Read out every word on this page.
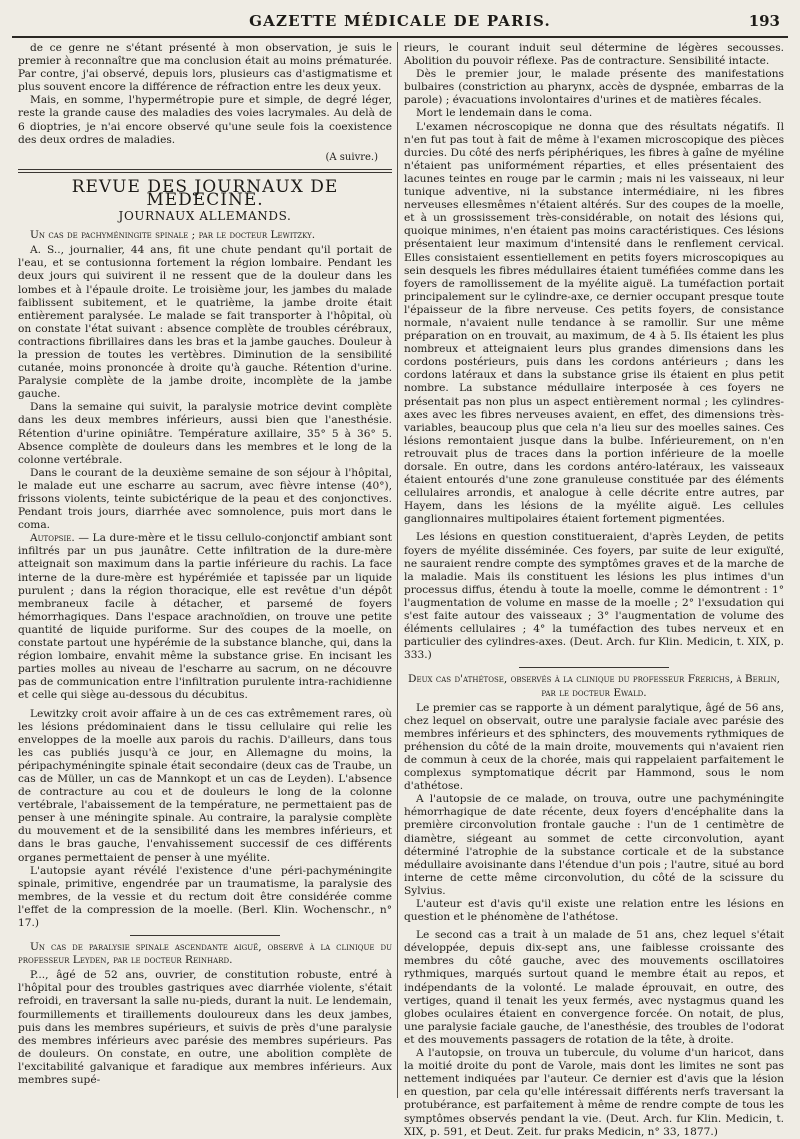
GAZETTE MÉDICALE DE PARIS.	193

de ce genre ne s'étant présenté à mon observation, je suis le premier à reconnaître que ma conclusion était au moins prématurée. Par contre, j'ai observé, depuis lors, plusieurs cas d'astigmatisme et plus souvent encore la différence de réfraction entre les deux yeux.

Mais, en somme, l'hypermétropie pure et simple, de degré léger, reste la grande cause des maladies des voies lacrymales. Au delà de 6 dioptries, je n'ai encore observé qu'une seule fois la coexistence des deux ordres de maladies.

(A suivre.)
REVUE DES JOURNAUX DE MÉDECINE.
JOURNAUX ALLEMANDS.
Un cas de pachyméningite spinale ; par le docteur Lewitzky.

A. S.., journalier, 44 ans, fit une chute pendant qu'il portait de l'eau, et se contusionna fortement la région lombaire. Pendant les deux jours qui suivirent il ne ressent que de la douleur dans les lombes et à l'épaule droite. Le troisième jour, les jambes du malade faiblissent subitement, et le quatrième, la jambe droite était entièrement paralysée. Le malade se fait transporter à l'hôpital, où on constate l'état suivant : absence complète de troubles cérébraux, contractions fibrillaires dans les bras et la jambe gauches. Douleur à la pression de toutes les vertèbres. Diminution de la sensibilité cutanée, moins prononcée à droite qu'à gauche. Rétention d'urine. Paralysie complète de la jambe droite, incomplète de la jambe gauche.

Dans la semaine qui suivit, la paralysie motrice devint complète dans les deux membres inférieurs, aussi bien que l'anesthésie. Rétention d'urine opiniâtre. Température axillaire, 35° 5 à 36° 5. Absence complète de douleurs dans les membres et le long de la colonne vertébrale.

Dans le courant de la deuxième semaine de son séjour à l'hôpital, le malade eut une escharre au sacrum, avec fièvre intense (40°), frissons violents, teinte subictérique de la peau et des conjonctives. Pendant trois jours, diarrhée avec somnolence, puis mort dans le coma.

Autopsie. — La dure-mère et le tissu cellulo-conjonctif ambiant sont infiltrés par un pus jaunâtre. Cette infiltration de la dure-mère atteignait son maximum dans la partie inférieure du rachis. La face interne de la dure-mère est hypérémiée et tapissée par un liquide purulent ; dans la région thoracique, elle est revêtue d'un dépôt membraneux facile à détacher, et parsemé de foyers hémorrhagiques. Dans l'espace arachnoïdien, on trouve une petite quantité de liquide puriforme. Sur des coupes de la moelle, on constate partout une hypérémie de la substance blanche, qui, dans la région lombaire, envahit même la substance grise. En incisant les parties molles au niveau de l'escharre au sacrum, on ne découvre pas de communication entre l'infiltration purulente intra-rachidienne et celle qui siège au-dessous du décubitus.

Lewitzky croit avoir affaire à un de ces cas extrêmement rares, où les lésions prédominaient dans le tissu cellulaire qui relie les enveloppes de la moelle aux parois du rachis. D'ailleurs, dans tous les cas publiés jusqu'à ce jour, en Allemagne du moins, la péripachyméningite spinale était secondaire (deux cas de Traube, un cas de Müller, un cas de Mannkopt et un cas de Leyden). L'absence de contracture au cou et de douleurs le long de la colonne vertébrale, l'abaissement de la température, ne permettaient pas de penser à une méningite spinale. Au contraire, la paralysie complète du mouvement et de la sensibilité dans les membres inférieurs, et dans le bras gauche, l'envahissement successif de ces différents organes permettaient de penser à une myélite.

L'autopsie ayant révélé l'existence d'une péri-pachyméningite spinale, primitive, engendrée par un traumatisme, la paralysie des membres, de la vessie et du rectum doit être considérée comme l'effet de la compression de la moelle. (Berl. Klin. Wochenschr., n° 17.)

Un cas de paralysie spinale ascendante aiguë, observé à la clinique du professeur Leyden, par le docteur Reinhard.

P..., âgé de 52 ans, ouvrier, de constitution robuste, entré à l'hôpital pour des troubles gastriques avec diarrhée violente, s'était refroidi, en traversant la salle nu-pieds, durant la nuit. Le lendemain, fourmillements et tiraillements douloureux dans les deux jambes, puis dans les membres supérieurs, et suivis de près d'une paralysie des membres inférieurs avec parésie des membres supérieurs. Pas de douleurs. On constate, en outre, une abolition complète de l'excitabilité galvanique et faradique aux membres inférieurs. Aux membres supé-

rieurs, le courant induit seul détermine de légères secousses. Abolition du pouvoir réflexe. Pas de contracture. Sensibilité intacte.

Dès le premier jour, le malade présente des manifestations bulbaires (constriction au pharynx, accès de dyspnée, embarras de la parole) ; évacuations involontaires d'urines et de matières fécales.

Mort le lendemain dans le coma.

L'examen nécroscopique ne donna que des résultats négatifs. Il n'en fut pas tout à fait de même à l'examen microscopique des pièces durcies. Du côté des nerfs périphériques, les fibres à gaîne de myéline n'étaient pas uniformément réparties, et elles présentaient des lacunes teintes en rouge par le carmin ; mais ni les vaisseaux, ni leur tunique adventive, ni la substance intermédiaire, ni les fibres nerveuses ellesmêmes n'étaient altérés. Sur des coupes de la moelle, et à un grossissement très-considérable, on notait des lésions qui, quoique minimes, n'en étaient pas moins caractéristiques. Ces lésions présentaient leur maximum d'intensité dans le renflement cervical. Elles consistaient essentiellement en petits foyers microscopiques au sein desquels les fibres médullaires étaient tuméfiées comme dans les foyers de ramollissement de la myélite aiguë. La tuméfaction portait principalement sur le cylindre-axe, ce dernier occupant presque toute l'épaisseur de la fibre nerveuse. Ces petits foyers, de consistance normale, n'avaient nulle tendance à se ramollir. Sur une même préparation on en trouvait, au maximum, de 4 à 5. Ils étaient les plus nombreux et atteignaient leurs plus grandes dimensions dans les cordons postérieurs, puis dans les cordons antérieurs ; dans les cordons latéraux et dans la substance grise ils étaient en plus petit nombre. La substance médullaire interposée à ces foyers ne présentait pas non plus un aspect entièrement normal ; les cylindres-axes avec les fibres nerveuses avaient, en effet, des dimensions très-variables, beaucoup plus que cela n'a lieu sur des moelles saines. Ces lésions remontaient jusque dans la bulbe. Inférieurement, on n'en retrouvait plus de traces dans la portion inférieure de la moelle dorsale. En outre, dans les cordons antéro-latéraux, les vaisseaux étaient entourés d'une zone granuleuse constituée par des éléments cellulaires arrondis, et analogue à celle décrite entre autres, par Hayem, dans les lésions de la myélite aiguë. Les cellules ganglionnaires multipolaires étaient fortement pigmentées.

Les lésions en question constitueraient, d'après Leyden, de petits foyers de myélite disséminée. Ces foyers, par suite de leur exiguïté, ne sauraient rendre compte des symptômes graves et de la marche de la maladie. Mais ils constituent les lésions les plus intimes d'un processus diffus, étendu à toute la moelle, comme le démontrent : 1° l'augmentation de volume en masse de la moelle ; 2° l'exsudation qui s'est faite autour des vaisseaux ; 3° l'augmentation de volume des éléments cellulaires ; 4° la tuméfaction des tubes nerveux et en particulier des cylindres-axes. (Deut. Arch. fur Klin. Medicin, t. XIX, p. 333.)

Deux cas d'athétose, observés à la clinique du professeur Frerichs, à Berlin, par le docteur Ewald.

Le premier cas se rapporte à un dément paralytique, âgé de 56 ans, chez lequel on observait, outre une paralysie faciale avec parésie des membres inférieurs et des sphincters, des mouvements rythmiques de préhension du côté de la main droite, mouvements qui n'avaient rien de commun à ceux de la chorée, mais qui rappelaient parfaitement le complexus symptomatique décrit par Hammond, sous le nom d'athétose.

A l'autopsie de ce malade, on trouva, outre une pachyméningite hémorrhagique de date récente, deux foyers d'encéphalite dans la première circonvolution frontale gauche : l'un de 1 centimètre de diamètre, siégeant au sommet de cette circonvolution, ayant déterminé l'atrophie de la substance corticale et de la substance médullaire avoisinante dans l'étendue d'un pois ; l'autre, situé au bord interne de cette même circonvolution, du côté de la scissure du Sylvius.

L'auteur est d'avis qu'il existe une relation entre les lésions en question et le phénomène de l'athétose.

Le second cas a trait à un malade de 51 ans, chez lequel s'était développée, depuis dix-sept ans, une faiblesse croissante des membres du côté gauche, avec des mouvements oscillatoires rythmiques, marqués surtout quand le membre était au repos, et indépendants de la volonté. Le malade éprouvait, en outre, des vertiges, quand il tenait les yeux fermés, avec nystagmus quand les globes oculaires étaient en convergence forcée. On notait, de plus, une paralysie faciale gauche, de l'anesthésie, des troubles de l'odorat et des mouvements passagers de rotation de la tête, à droite.

A l'autopsie, on trouva un tubercule, du volume d'un haricot, dans la moitié droite du pont de Varole, mais dont les limites ne sont pas nettement indiquées par l'auteur. Ce dernier est d'avis que la lésion en question, par cela qu'elle intéressait différents nerfs traversant la protubérance, est parfaitement à même de rendre compte de tous les symptômes observés pendant la vie. (Deut. Arch. fur Klin. Medicin, t. XIX, p. 591, et Deut. Zeit. fur praks Medicin, n° 33, 1877.)
